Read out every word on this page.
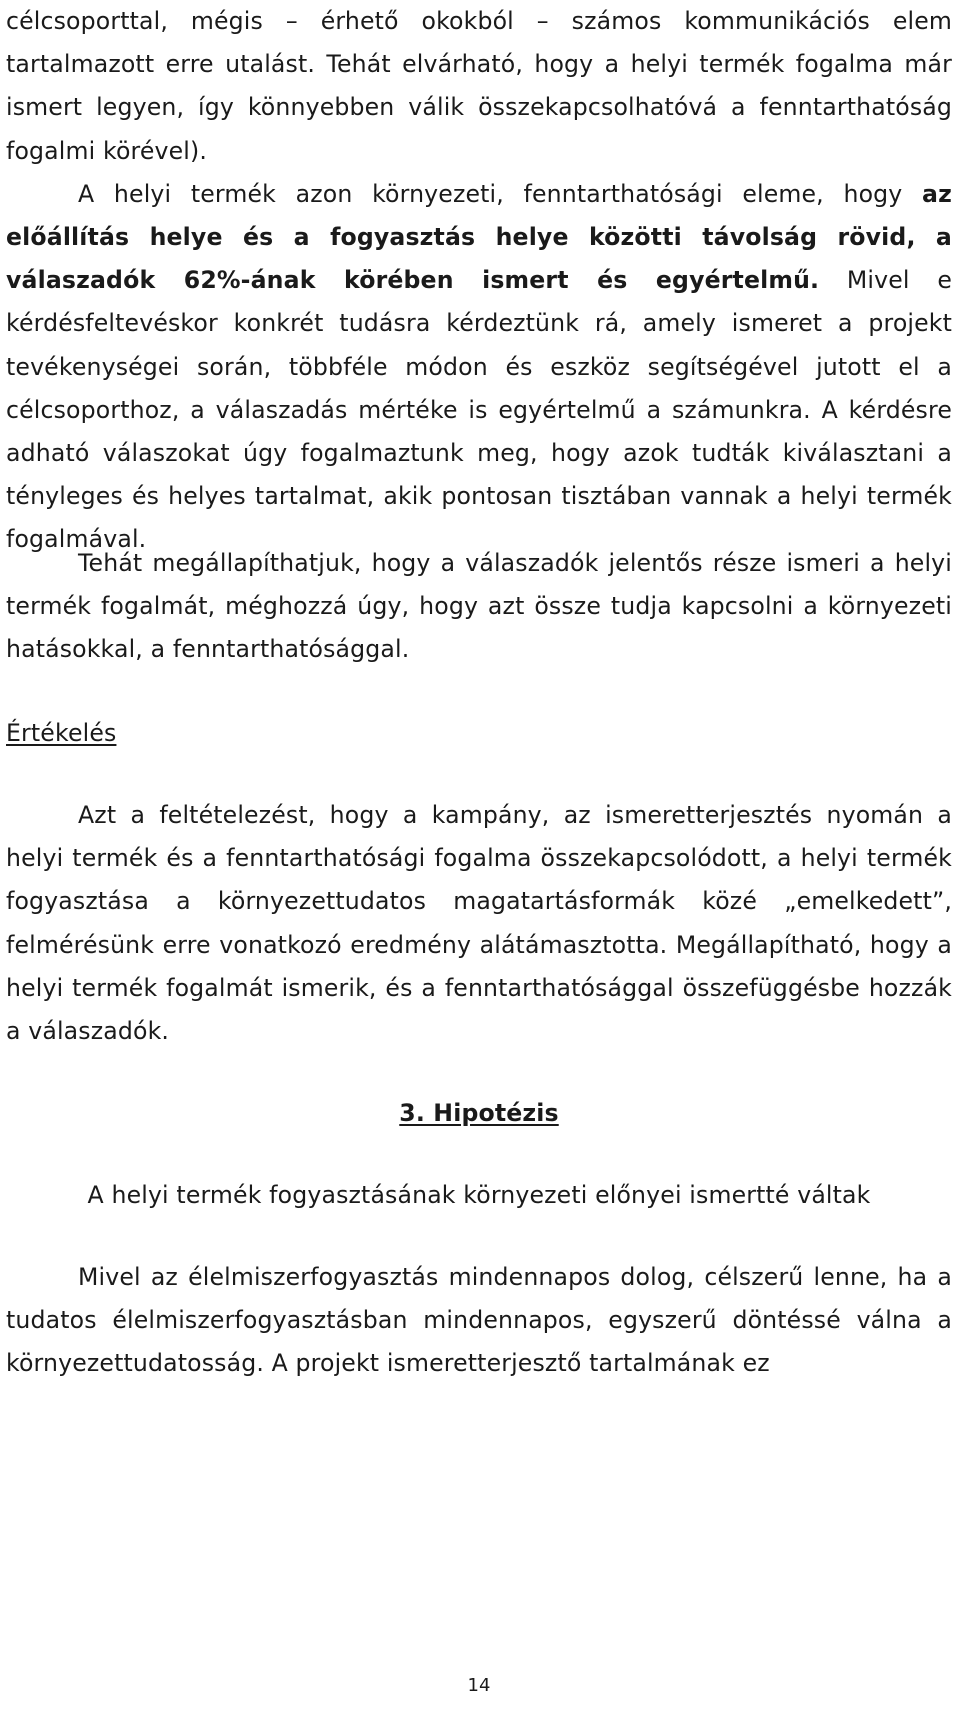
célcsoporttal, mégis – érhető okokból – számos kommunikációs elem tartalmazott erre utalást. Tehát elvárható, hogy a helyi termék fogalma már ismert legyen, így könnyebben válik összekapcsolhatóvá a fenntarthatóság fogalmi körével).
A helyi termék azon környezeti, fenntarthatósági eleme, hogy az előállítás helye és a fogyasztás helye közötti távolság rövid, a válaszadók 62%-ának körében ismert és egyértelmű. Mivel e kérdésfeltevéskor konkrét tudásra kérdeztünk rá, amely ismeret a projekt tevékenységei során, többféle módon és eszköz segítségével jutott el a célcsoporthoz, a válaszadás mértéke is egyértelmű a számunkra. A kérdésre adható válaszokat úgy fogalmaztunk meg, hogy azok tudták kiválasztani a tényleges és helyes tartalmat, akik pontosan tisztában vannak a helyi termék fogalmával.

Tehát megállapíthatjuk, hogy a válaszadók jelentős része ismeri a helyi termék fogalmát, méghozzá úgy, hogy azt össze tudja kapcsolni a környezeti hatásokkal, a fenntarthatósággal.

Értékelés

Azt a feltételezést, hogy a kampány, az ismeretterjesztés nyomán a helyi termék és a fenntarthatósági fogalma összekapcsolódott, a helyi termék fogyasztása a környezettudatos magatartásformák közé „emelkedett”, felmérésünk erre vonatkozó eredmény alátámasztotta. Megállapítható, hogy a helyi termék fogalmát ismerik, és a fenntarthatósággal összefüggésbe hozzák a válaszadók.

3. Hipotézis

A helyi termék fogyasztásának környezeti előnyei ismertté váltak

Mivel az élelmiszerfogyasztás mindennapos dolog, célszerű lenne, ha a tudatos élelmiszerfogyasztásban mindennapos, egyszerű döntéssé válna a környezettudatosság. A projekt ismeretterjesztő tartalmának ez

14
